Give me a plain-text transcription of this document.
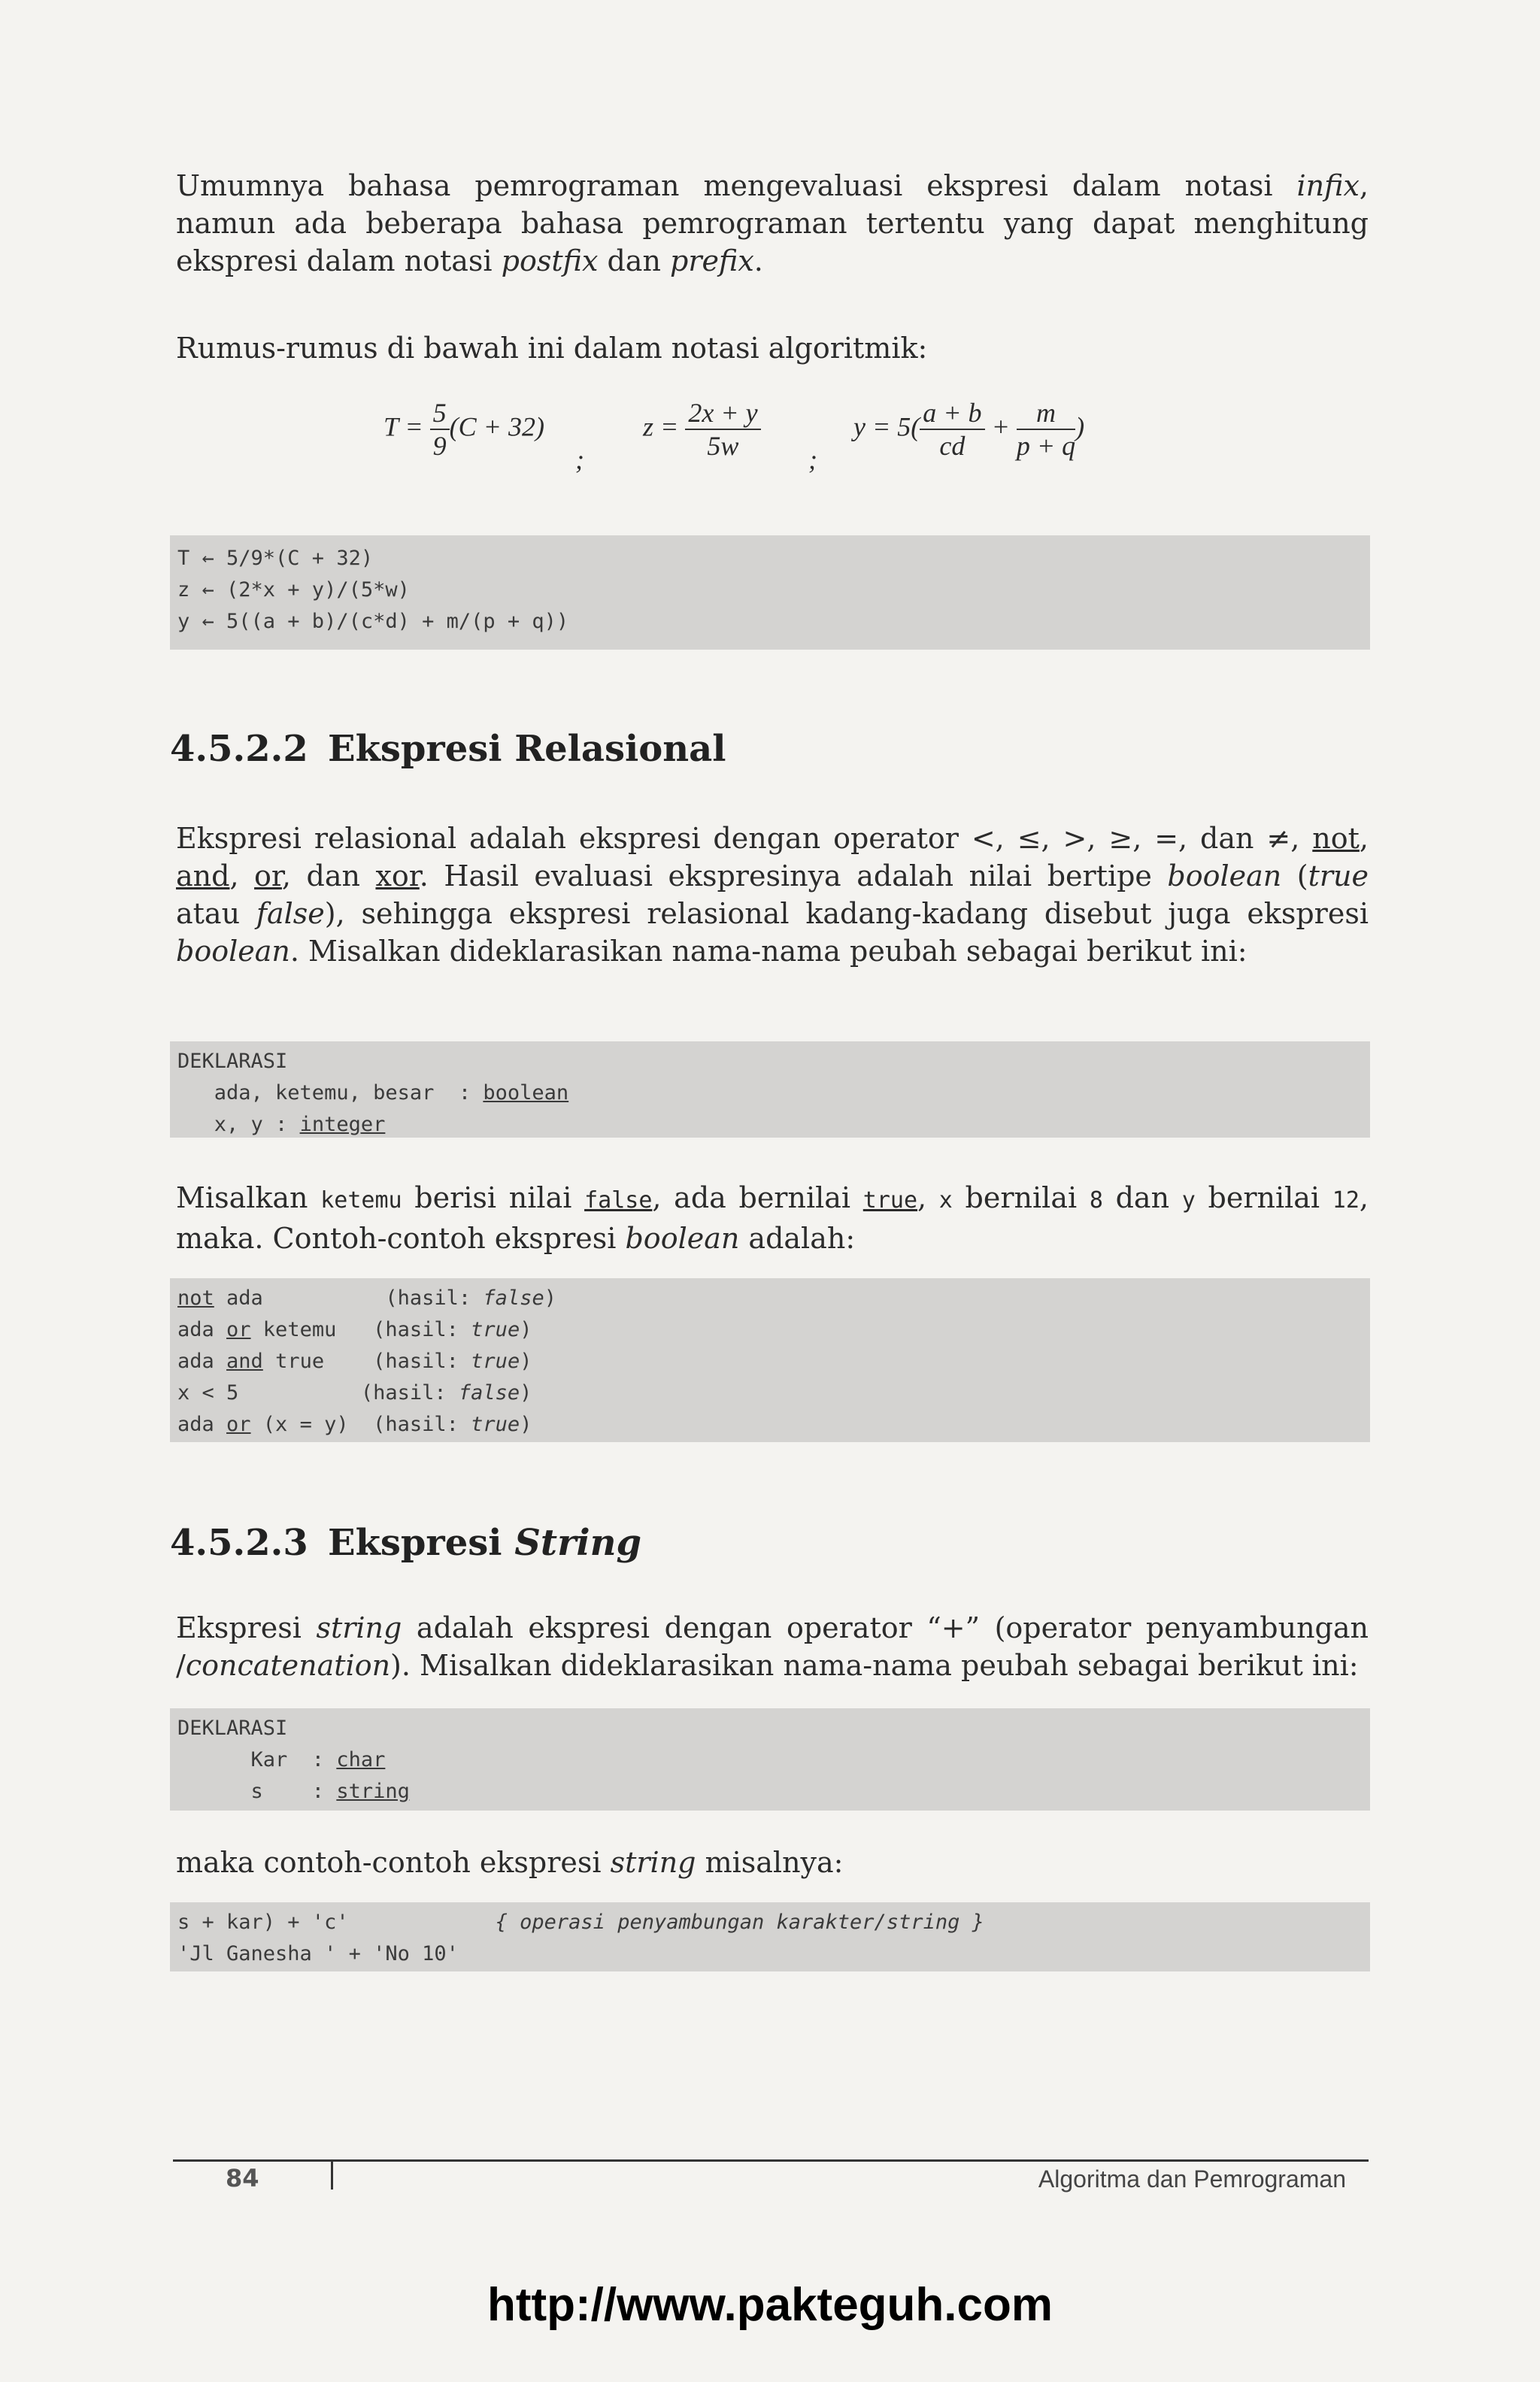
Umumnya bahasa pemrograman mengevaluasi ekspresi dalam notasi infix, namun ada beberapa bahasa pemrograman tertentu yang dapat menghitung ekspresi dalam notasi postfix dan prefix.

Rumus-rumus di bawah ini dalam notasi algoritmik:

$T = \frac{5}{9} (C + 32)$
;
$z = \frac{2x + y}{5w}$ ;
$y = 5( \frac{a + b}{cd} + \frac{m}{p + q}$ )
T ← 5/9*(C + 32)
z ← (2*x + y)/(5*w)
y ← 5((a + b)/(c*d) + m/(p + q))
4.5.2.2 Ekspresi Relasional

Ekspresi relasional adalah ekspresi dengan operator <, ≤, >, ≥, =, dan ≠, not, and, or, dan xor. Hasil evaluasi ekspresinya adalah nilai bertipe boolean (true atau false), sehingga ekspresi relasional kadang-kadang disebut juga ekspresi boolean. Misalkan dideklarasikan nama-nama peubah sebagai berikut ini:

DEKLARASI
ada, ketemu, besar  : boolean
x, y : integer

Misalkan ketemu berisi nilai false, ada bernilai true, x bernilai 8 dan y bernilai 12, maka. Contoh-contoh ekspresi boolean adalah:

not ada	(hasil: false)
ada or ketemu (hasil: true)
ada and true (hasil: true)
x < 5	(hasil: false)
ada or (x = y) (hasil: true)
4.5.2.3 Ekspresi String

Ekspresi string adalah ekspresi dengan operator “+” (operator penyambungan /concatenation). Misalkan dideklarasikan nama-nama peubah sebagai berikut ini:

DEKLARASI
Kar  : char
s    : string

maka contoh-contoh ekspresi string misalnya:

s + kar) + 'c'            { operasi penyambungan karakter/string }
'Jl Ganesha ' + 'No 10'
84	Algoritma dan Pemrograman
http://www.pakteguh.com
